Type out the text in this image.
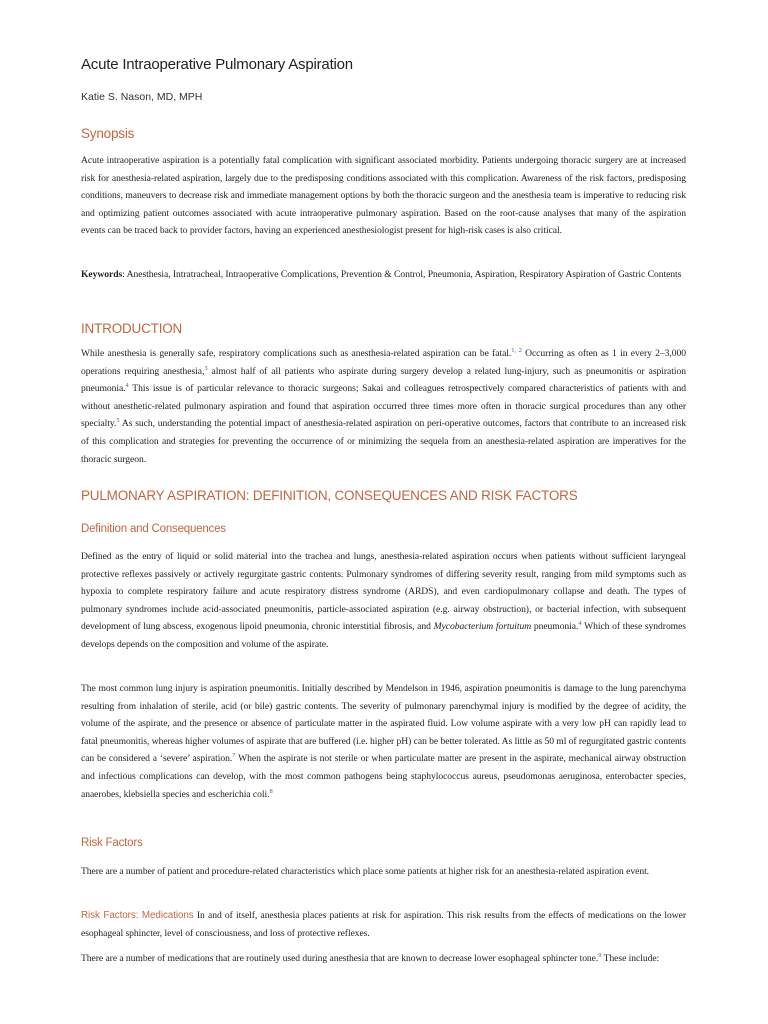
Acute Intraoperative Pulmonary Aspiration
Katie S. Nason, MD, MPH
Synopsis
Acute intraoperative aspiration is a potentially fatal complication with significant associated morbidity. Patients undergoing thoracic surgery are at increased risk for anesthesia-related aspiration, largely due to the predisposing conditions associated with this complication. Awareness of the risk factors, predisposing conditions, maneuvers to decrease risk and immediate management options by both the thoracic surgeon and the anesthesia team is imperative to reducing risk and optimizing patient outcomes associated with acute intraoperative pulmonary aspiration. Based on the root-cause analyses that many of the aspiration events can be traced back to provider factors, having an experienced anesthesiologist present for high-risk cases is also critical.
Keywords: Anesthesia, Intratracheal, Intraoperative Complications, Prevention & Control, Pneumonia, Aspiration, Respiratory Aspiration of Gastric Contents
INTRODUCTION
While anesthesia is generally safe, respiratory complications such as anesthesia-related aspiration can be fatal.$^{1, 2}$ Occurring as often as 1 in every 2–3,000 operations requiring anesthesia,$^3$ almost half of all patients who aspirate during surgery develop a related lung-injury, such as pneumonitis or aspiration pneumonia.$^4$ This issue is of particular relevance to thoracic surgeons; Sakai and colleagues retrospectively compared characteristics of patients with and without anesthetic-related pulmonary aspiration and found that aspiration occurred three times more often in thoracic surgical procedures than any other specialty.$^5$ As such, understanding the potential impact of anesthesia-related aspiration on peri-operative outcomes, factors that contribute to an increased risk of this complication and strategies for preventing the occurrence of or minimizing the sequela from an anesthesia-related aspiration are imperatives for the thoracic surgeon.
PULMONARY ASPIRATION: DEFINITION, CONSEQUENCES AND RISK FACTORS
Definition and Consequences
Defined as the entry of liquid or solid material into the trachea and lungs, anesthesia-related aspiration occurs when patients without sufficient laryngeal protective reflexes passively or actively regurgitate gastric contents. Pulmonary syndromes of differing severity result, ranging from mild symptoms such as hypoxia to complete respiratory failure and acute respiratory distress syndrome (ARDS), and even cardiopulmonary collapse and death. The types of pulmonary syndromes include acid-associated pneumonitis, particle-associated aspiration (e.g. airway obstruction), or bacterial infection, with subsequent development of lung abscess, exogenous lipoid pneumonia, chronic interstitial fibrosis, and Mycobacterium fortuitum pneumonia.$^4$ Which of these syndromes develops depends on the composition and volume of the aspirate.
The most common lung injury is aspiration pneumonitis. Initially described by Mendelson in 1946, aspiration pneumonitis is damage to the lung parenchyma resulting from inhalation of sterile, acid (or bile) gastric contents. The severity of pulmonary parenchymal injury is modified by the degree of acidity, the volume of the aspirate, and the presence or absence of particulate matter in the aspirated fluid. Low volume aspirate with a very low pH can rapidly lead to fatal pneumonitis, whereas higher volumes of aspirate that are buffered (i.e. higher pH) can be better tolerated. As little as 50 ml of regurgitated gastric contents can be considered a ‘severe’ aspiration.$^7$ When the aspirate is not sterile or when particulate matter are present in the aspirate, mechanical airway obstruction and infectious complications can develop, with the most common pathogens being staphylococcus aureus, pseudomonas aeruginosa, enterobacter species, anaerobes, klebsiella species and escherichia coli.$^8$
Risk Factors
There are a number of patient and procedure-related characteristics which place some patients at higher risk for an anesthesia-related aspiration event.
Risk Factors: Medications In and of itself, anesthesia places patients at risk for aspiration. This risk results from the effects of medications on the lower esophageal sphincter, level of consciousness, and loss of protective reflexes.
There are a number of medications that are routinely used during anesthesia that are known to decrease lower esophageal sphincter tone.$^9$ These include:
